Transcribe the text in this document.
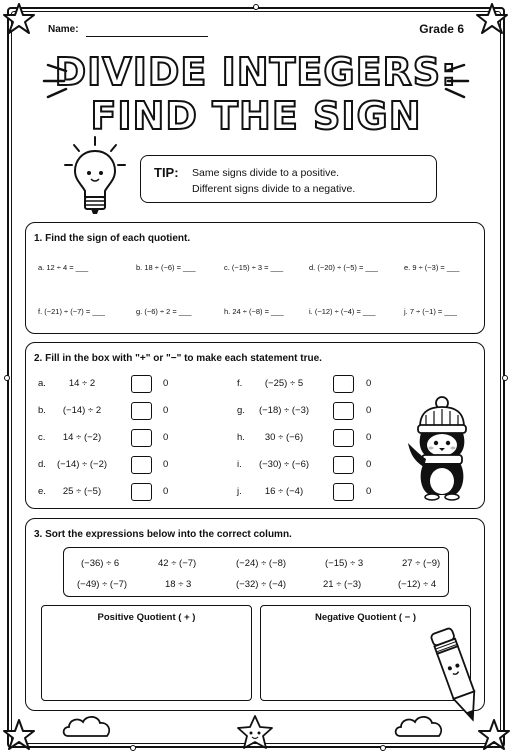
Name:	Grade 6
DIVIDE INTEGERS:
FIND THE SIGN
TIP: Same signs divide to a positive.
Different signs divide to a negative.
1. Find the sign of each quotient.
a. 12 ÷ 4 = ___	b. 18 ÷ (−6) = ___	c. (−15) ÷ 3 = ___	d. (−20) ÷ (−5) = ___	e. 9 ÷ (−3) = ___
f. (−21) ÷ (−7) = ___	g. (−6) ÷ 2 = ___	h. 24 ÷ (−8) = ___	i. (−12) ÷ (−4) = ___	j. 7 ÷ (−1) = ___
2. Fill in the box with "+" or "−" to make each statement true.
a.	14 ÷ 2	0
b.	(−14) ÷ 2	0
c.	14 ÷ (−2)	0
d.	(−14) ÷ (−2)	0
e.	25 ÷ (−5)	0
f.	(−25) ÷ 5	0
g.	(−18) ÷ (−3)	0
h.	30 ÷ (−6)	0
i.	(−30) ÷ (−6)	0
j.	16 ÷ (−4)	0
3. Sort the expressions below into the correct column.
(−36) ÷ 6	42 ÷ (−7)	(−24) ÷ (−8)	(−15) ÷ 3	27 ÷ (−9)
(−49) ÷ (−7)	18 ÷ 3	(−32) ÷ (−4)	21 ÷ (−3)	(−12) ÷ 4
Positive Quotient ( + )	Negative Quotient ( − )
